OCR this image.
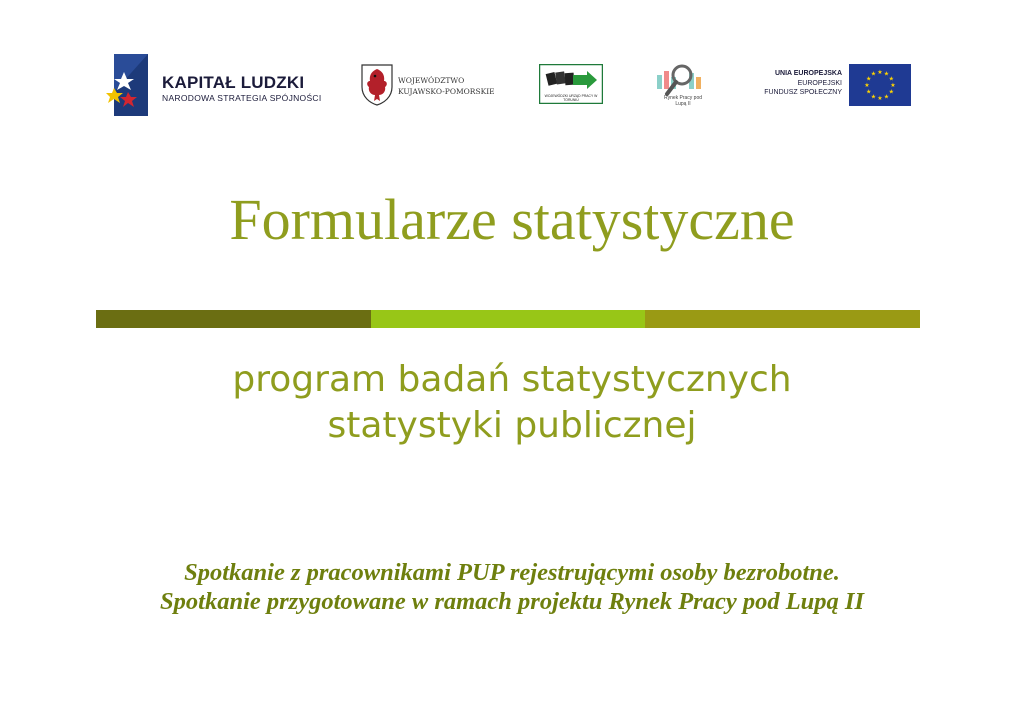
KAPITAŁ LUDZKI
NARODOWA STRATEGIA SPÓJNOŚCI
WOJEWÓDZTWO
KUJAWSKO-POMORSKIE	WOJEWÓDZKI URZĄD PRACY W TORUNIU	Rynek Pracy pod Lupą II
UNIA EUROPEJSKA
EUROPEJSKI
FUNDUSZ SPOŁECZNY
★ ★
★
★
★
★
★
★
★
★
★
★
Formularze statystyczne
program badań statystycznych statystyki publicznej
Spotkanie z pracownikami PUP rejestrującymi osoby bezrobotne. Spotkanie przygotowane w ramach projektu Rynek Pracy pod Lupą II
